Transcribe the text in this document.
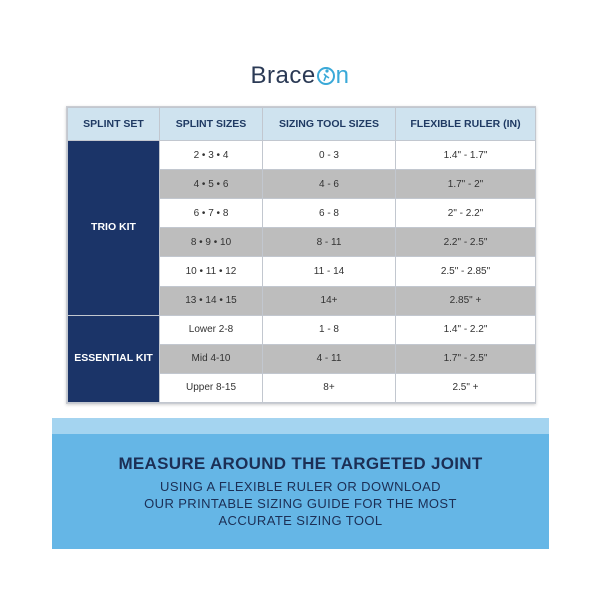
Brace n
SPLINT SET	SPLINT SIZES	SIZING TOOL SIZES	FLEXIBLE RULER (IN)
TRIO KIT	2 • 3 • 4	0 - 3	1.4" - 1.7"
	4 • 5 • 6	4 - 6	1.7" - 2"
	6 • 7 • 8	6 - 8	2" - 2.2"
	8 • 9 • 10	8 - 11	2.2" - 2.5"
	10 • 11 • 12	11 - 14	2.5" - 2.85"
	13 • 14 • 15	14+	2.85" +
ESSENTIAL KIT	Lower 2-8	1 - 8	1.4" - 2.2"
	Mid 4-10	4 - 11	1.7" - 2.5"
	Upper 8-15	8+	2.5" +
MEASURE AROUND THE TARGETED JOINT
USING A FLEXIBLE RULER OR DOWNLOAD
OUR PRINTABLE SIZING GUIDE FOR THE MOST
ACCURATE SIZING TOOL
